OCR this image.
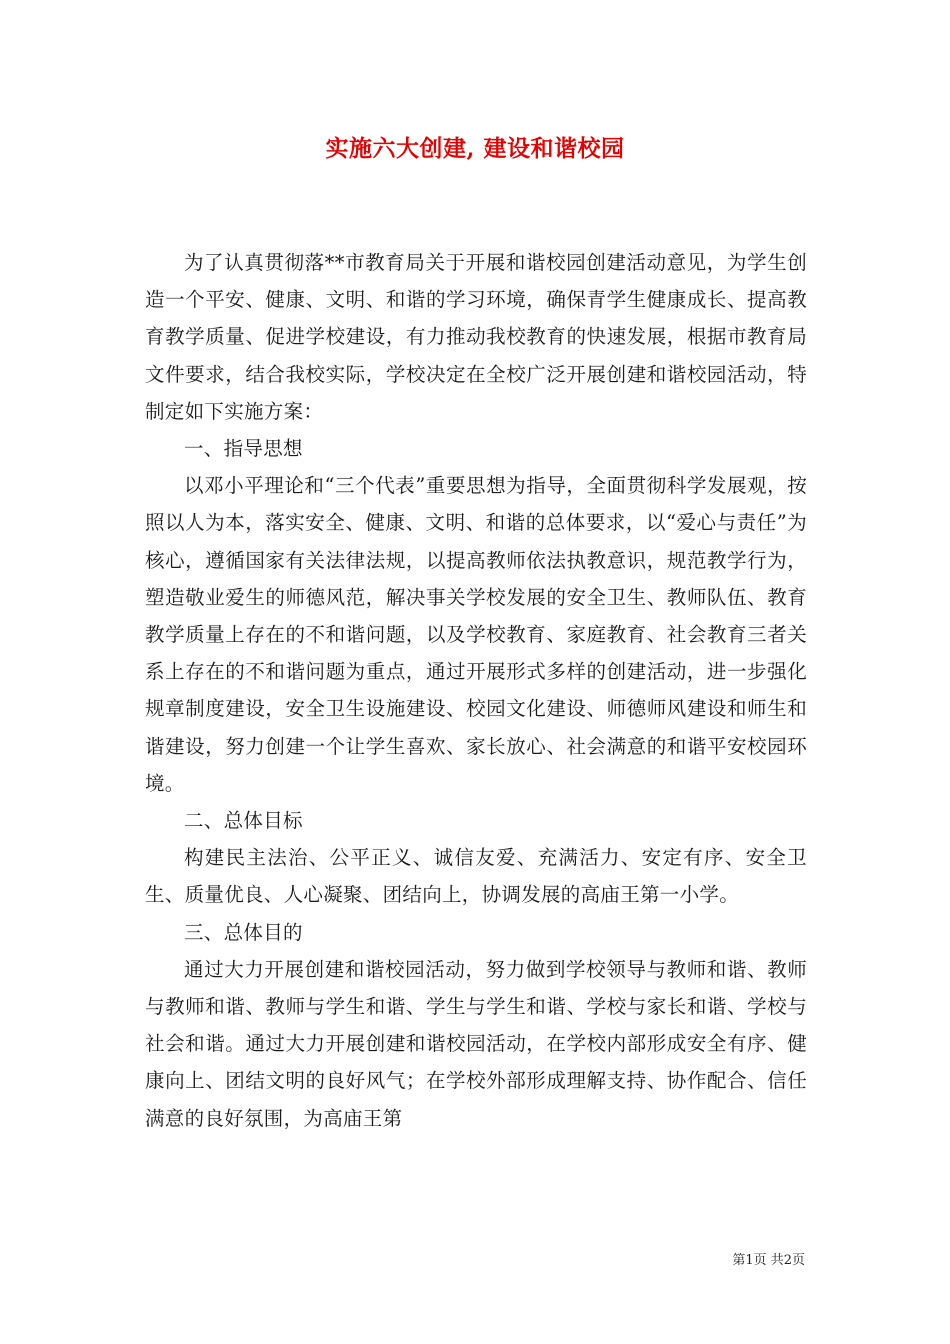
实施六大创建, 建设和谐校园

为了认真贯彻落**市教育局关于开展和谐校园创建活动意见，为学生创造一个平安、健康、文明、和谐的学习环境，确保青学生健康成长、提高教育教学质量、促进学校建设，有力推动我校教育的快速发展，根据市教育局文件要求，结合我校实际，学校决定在全校广泛开展创建和谐校园活动，特制定如下实施方案：

一、指导思想

以邓小平理论和“三个代表”重要思想为指导，全面贯彻科学发展观，按照以人为本，落实安全、健康、文明、和谐的总体要求，以“爱心与责任”为核心，遵循国家有关法律法规，以提高教师依法执教意识，规范教学行为，塑造敬业爱生的师德风范，解决事关学校发展的安全卫生、教师队伍、教育教学质量上存在的不和谐问题，以及学校教育、家庭教育、社会教育三者关系上存在的不和谐问题为重点，通过开展形式多样的创建活动，进一步强化规章制度建设，安全卫生设施建设、校园文化建设、师德师风建设和师生和谐建设，努力创建一个让学生喜欢、家长放心、社会满意的和谐平安校园环境。

二、总体目标

构建民主法治、公平正义、诚信友爱、充满活力、安定有序、安全卫生、质量优良、人心凝聚、团结向上，协调发展的高庙王第一小学。

三、总体目的

通过大力开展创建和谐校园活动，努力做到学校领导与教师和谐、教师与教师和谐、教师与学生和谐、学生与学生和谐、学校与家长和谐、学校与社会和谐。通过大力开展创建和谐校园活动，在学校内部形成安全有序、健康向上、团结文明的良好风气；在学校外部形成理解支持、协作配合、信任满意的良好氛围，为高庙王第

第1页 共2页
